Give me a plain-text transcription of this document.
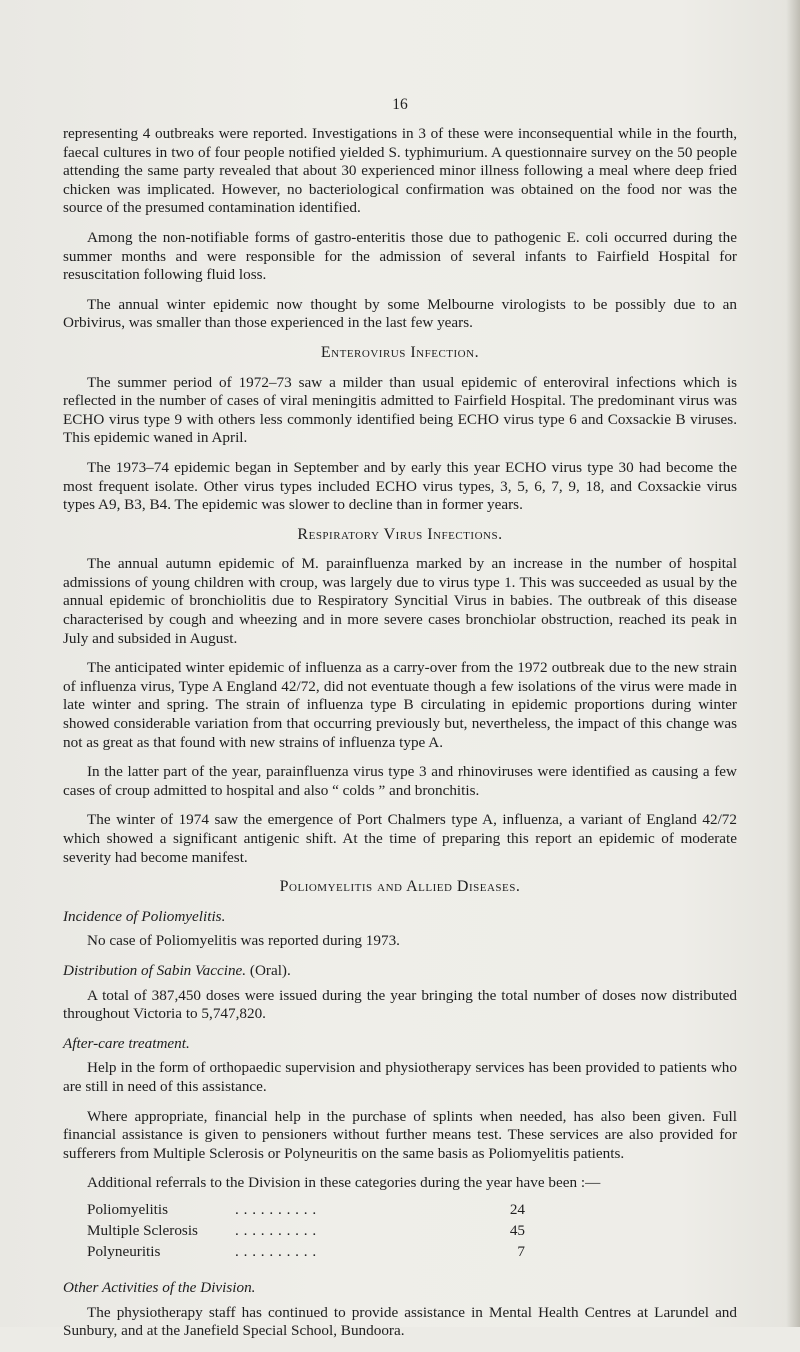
16

representing 4 outbreaks were reported. Investigations in 3 of these were inconsequential while in the fourth, faecal cultures in two of four people notified yielded S. typhimurium. A questionnaire survey on the 50 people attending the same party revealed that about 30 experienced minor illness following a meal where deep fried chicken was implicated. However, no bacteriological confirmation was obtained on the food nor was the source of the presumed contamination identified.

Among the non-notifiable forms of gastro-enteritis those due to pathogenic E. coli occurred during the summer months and were responsible for the admission of several infants to Fairfield Hospital for resuscitation following fluid loss.

The annual winter epidemic now thought by some Melbourne virologists to be possibly due to an Orbivirus, was smaller than those experienced in the last few years.

Enterovirus Infection.

The summer period of 1972–73 saw a milder than usual epidemic of enteroviral infections which is reflected in the number of cases of viral meningitis admitted to Fairfield Hospital. The predominant virus was ECHO virus type 9 with others less commonly identified being ECHO virus type 6 and Coxsackie B viruses. This epidemic waned in April.

The 1973–74 epidemic began in September and by early this year ECHO virus type 30 had become the most frequent isolate. Other virus types included ECHO virus types, 3, 5, 6, 7, 9, 18, and Coxsackie virus types A9, B3, B4. The epidemic was slower to decline than in former years.

Respiratory Virus Infections.

The annual autumn epidemic of M. parainfluenza marked by an increase in the number of hospital admissions of young children with croup, was largely due to virus type 1. This was succeeded as usual by the annual epidemic of bronchiolitis due to Respiratory Syncitial Virus in babies. The outbreak of this disease characterised by cough and wheezing and in more severe cases bronchiolar obstruction, reached its peak in July and subsided in August.

The anticipated winter epidemic of influenza as a carry-over from the 1972 outbreak due to the new strain of influenza virus, Type A England 42/72, did not eventuate though a few isolations of the virus were made in late winter and spring. The strain of influenza type B circulating in epidemic proportions during winter showed considerable variation from that occurring previously but, nevertheless, the impact of this change was not as great as that found with new strains of influenza type A.

In the latter part of the year, parainfluenza virus type 3 and rhinoviruses were identified as causing a few cases of croup admitted to hospital and also “ colds ” and bronchitis.

The winter of 1974 saw the emergence of Port Chalmers type A, influenza, a variant of England 42/72 which showed a significant antigenic shift. At the time of preparing this report an epidemic of moderate severity had become manifest.

Poliomyelitis and Allied Diseases.
Incidence of Poliomyelitis.

No case of Poliomyelitis was reported during 1973.

Distribution of Sabin Vaccine. (Oral).

A total of 387,450 doses were issued during the year bringing the total number of doses now distributed throughout Victoria to 5,747,820.

After-care treatment.

Help in the form of orthopaedic supervision and physiotherapy services has been provided to patients who are still in need of this assistance.

Where appropriate, financial help in the purchase of splints when needed, has also been given. Full financial assistance is given to pensioners without further means test. These services are also provided for sufferers from Multiple Sclerosis or Polyneuritis on the same basis as Poliomyelitis patients.

Additional referrals to the Division in these categories during the year have been :—

Poliomyelitis	. . . . . . . . . .	24
Multiple Sclerosis	. . . . . . . . . .	45
Polyneuritis	. . . . . . . . . .	7
Other Activities of the Division.

The physiotherapy staff has continued to provide assistance in Mental Health Centres at Larundel and Sunbury, and at the Janefield Special School, Bundoora.
